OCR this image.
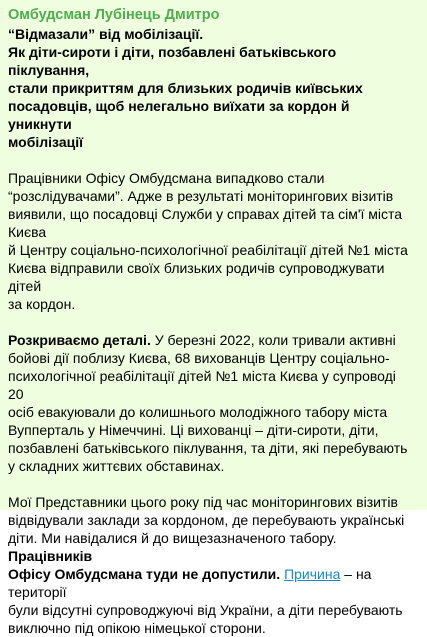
Омбудсман Лубінець Дмитро
“Відмазали” від мобілізації.
Як діти-сироти і діти, позбавлені батьківського піклування,
стали прикриттям для близьких родичів київських
посадовців, щоб нелегально виїхати за кордон й уникнути
мобілізації
Працівники Офісу Омбудсмана випадково стали
“розслідувачами”. Адже в результаті моніторингових візитів
виявили, що посадовці Служби у справах дітей та сім'ї міста Києва
й Центру соціально-психологічної реабілітації дітей №1 міста
Києва відправили своїх близьких родичів супроводжувати дітей
за кордон.
Розкриваємо деталі. У березні 2022, коли тривали активні
бойові дії поблизу Києва, 68 вихованців Центру соціально-
психологічної реабілітації дітей №1 міста Києва у супроводі 20
осіб евакуювали до колишнього молодіжного табору міста
Вупперталь у Німеччині. Ці вихованці – діти-сироти, діти,
позбавлені батьківського піклування, та діти, які перебувають
у складних життєвих обставинах.
Мої Представники цього року під час моніторингових візитів
відвідували заклади за кордоном, де перебувають українські
діти. Ми навідалися й до вищезазначеного табору. Працівників
Офісу Омбудсмана туди не допустили. Причина – на території
були відсутні супроводжуючі від України, а діти перебувають
виключно під опікою німецької сторони.
